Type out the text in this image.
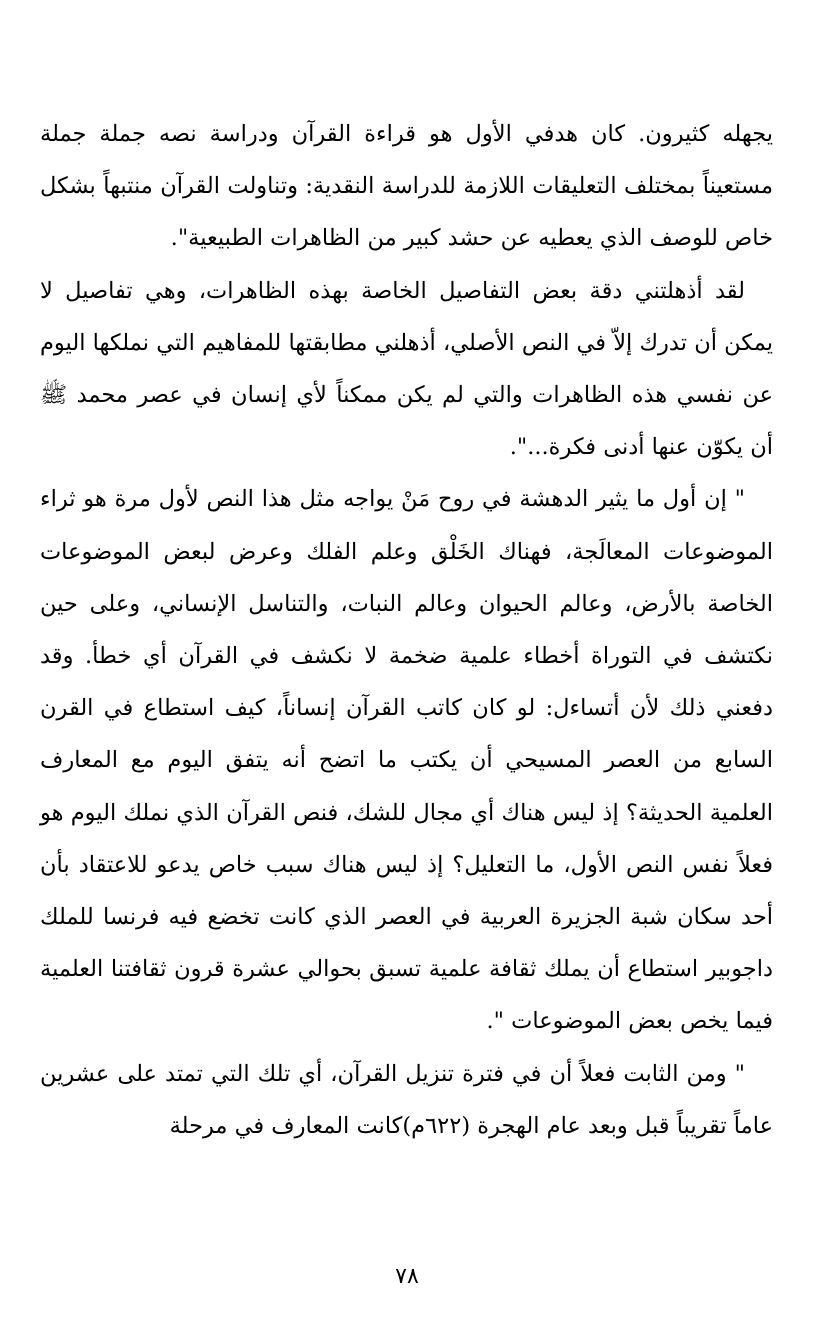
يجهله كثيرون. كان هدفي الأول هو قراءة القرآن ودراسة نصه جملة جملة مستعيناً بمختلف التعليقات اللازمة للدراسة النقدية: وتناولت القرآن منتبهاً بشكل خاص للوصف الذي يعطيه عن حشد كبير من الظاهرات الطبيعية".

لقد أذهلتني دقة بعض التفاصيل الخاصة بهذه الظاهرات، وهي تفاصيل لا يمكن أن تدرك إلاّ في النص الأصلي، أذهلني مطابقتها للمفاهيم التي نملكها اليوم عن نفسي هذه الظاهرات والتي لم يكن ممكناً لأي إنسان في عصر محمد ﷺ أن يكوّن عنها أدنى فكرة...".

" إن أول ما يثير الدهشة في روح مَنْ يواجه مثل هذا النص لأول مرة هو ثراء الموضوعات المعالَجة، فهناك الخَلْق وعلم الفلك وعرض لبعض الموضوعات الخاصة بالأرض، وعالم الحيوان وعالم النبات، والتناسل الإنساني، وعلى حين نكتشف في التوراة أخطاء علمية ضخمة لا نكشف في القرآن أي خطأ. وقد دفعني ذلك لأن أتساءل: لو كان كاتب القرآن إنساناً، كيف استطاع في القرن السابع من العصر المسيحي أن يكتب ما اتضح أنه يتفق اليوم مع المعارف العلمية الحديثة؟ إذ ليس هناك أي مجال للشك، فنص القرآن الذي نملك اليوم هو فعلاً نفس النص الأول، ما التعليل؟ إذ ليس هناك سبب خاص يدعو للاعتقاد بأن أحد سكان شبة الجزيرة العربية في العصر الذي كانت تخضع فيه فرنسا للملك داجوبير استطاع أن يملك ثقافة علمية تسبق بحوالي عشرة قرون ثقافتنا العلمية فيما يخص بعض الموضوعات ".

" ومن الثابت فعلاً أن في فترة تنزيل القرآن، أي تلك التي تمتد على عشرين عاماً تقريباً قبل وبعد عام الهجرة (٦٢٢م)كانت المعارف في مرحلة

٧٨
